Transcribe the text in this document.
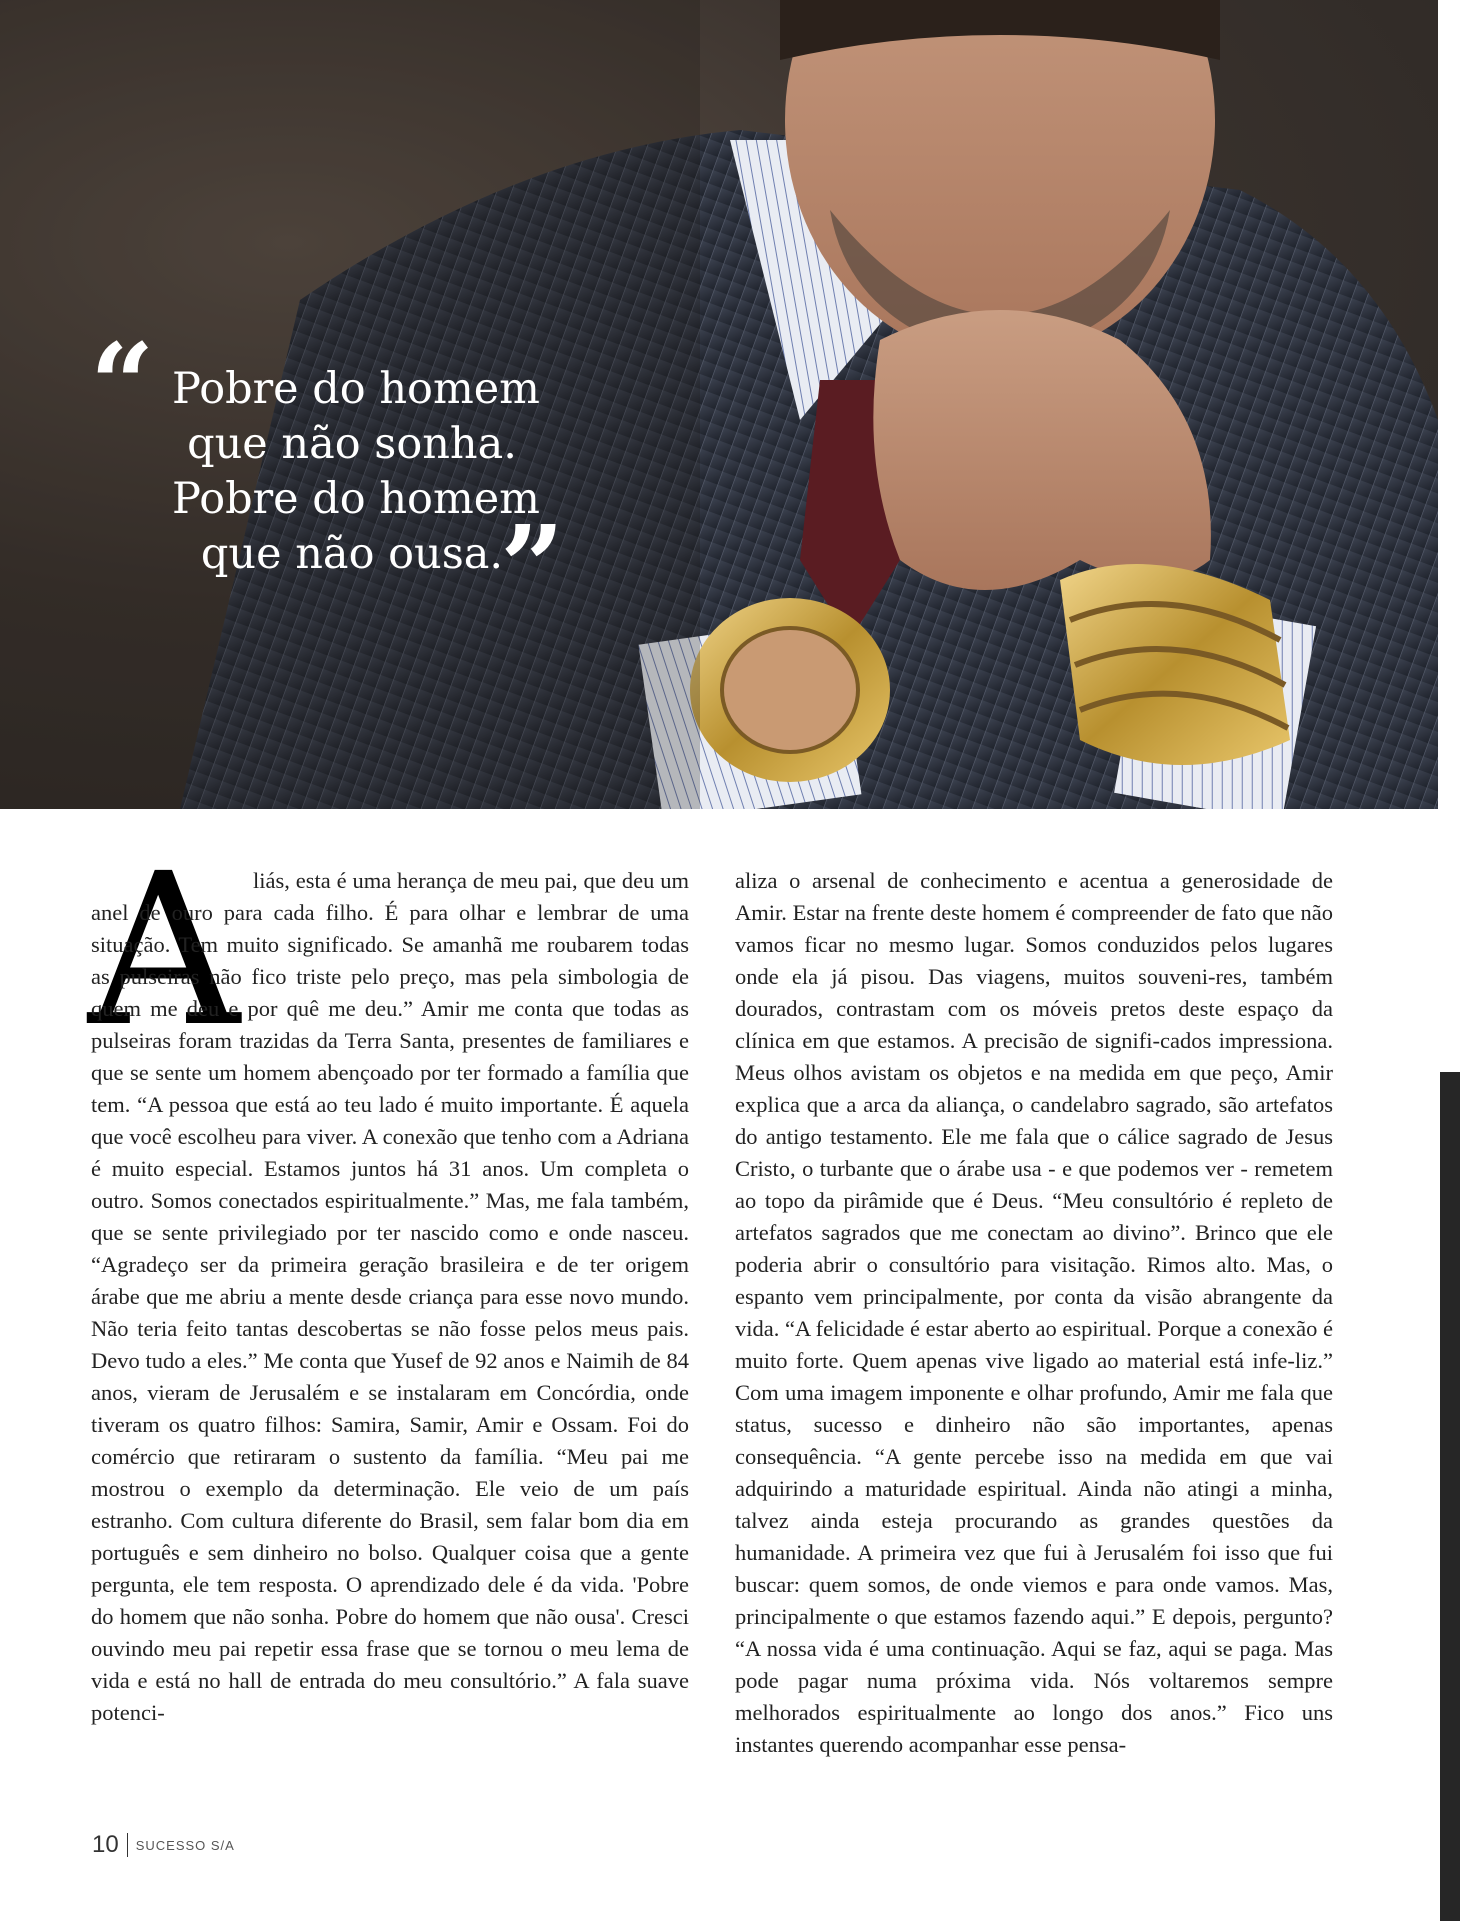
“ Pobre do homem
que não sonha.
Pobre do homem
que não ousa.
”
A liás, esta é uma herança de meu pai, que deu um anel de ouro para cada filho. É para olhar e lembrar de uma situação. Tem muito significado. Se amanhã me roubarem todas as pulseiras não fico triste pelo preço, mas pela simbologia de quem me deu e por quê me deu.” Amir me conta que todas as pulseiras foram trazidas da Terra Santa, presentes de familiares e que se sente um homem abençoado por ter formado a família que tem. “A pessoa que está ao teu lado é muito importante. É aquela que você escolheu para viver. A conexão que tenho com a Adriana é muito especial. Estamos juntos há 31 anos. Um completa o outro. Somos conectados espiritualmente.” Mas, me fala também, que se sente privilegiado por ter nascido como e onde nasceu. “Agradeço ser da primeira geração brasileira e de ter origem árabe que me abriu a mente desde criança para esse novo mundo. Não teria feito tantas descobertas se não fosse pelos meus pais. Devo tudo a eles.” Me conta que Yusef de 92 anos e Naimih de 84 anos, vieram de Jerusalém e se instalaram em Concórdia, onde tiveram os quatro filhos: Samira, Samir, Amir e Ossam. Foi do comércio que retiraram o sustento da família. “Meu pai me mostrou o exemplo da determinação. Ele veio de um país estranho. Com cultura diferente do Brasil, sem falar bom dia em português e sem dinheiro no bolso. Qualquer coisa que a gente pergunta, ele tem resposta. O aprendizado dele é da vida. 'Pobre do homem que não sonha. Pobre do homem que não ousa'. Cresci ouvindo meu pai repetir essa frase que se tornou o meu lema de vida e está no hall de entrada do meu consultório.” A fala suave potenci-

aliza o arsenal de conhecimento e acentua a generosidade de Amir. Estar na frente deste homem é compreender de fato que não vamos ficar no mesmo lugar. Somos conduzidos pelos lugares onde ela já pisou. Das viagens, muitos souveni-res, também dourados, contrastam com os móveis pretos deste espaço da clínica em que estamos. A precisão de signifi-cados impressiona. Meus olhos avistam os objetos e na medida em que peço, Amir explica que a arca da aliança, o candelabro sagrado, são artefatos do antigo testamento. Ele me fala que o cálice sagrado de Jesus Cristo, o turbante que o árabe usa - e que podemos ver - remetem ao topo da pirâmide que é Deus. “Meu consultório é repleto de artefatos sagrados que me conectam ao divino”. Brinco que ele poderia abrir o consultório para visitação. Rimos alto. Mas, o espanto vem principalmente, por conta da visão abrangente da vida. “A felicidade é estar aberto ao espiritual. Porque a conexão é muito forte. Quem apenas vive ligado ao material está infe-liz.” Com uma imagem imponente e olhar profundo, Amir me fala que status, sucesso e dinheiro não são importantes, apenas consequência. “A gente percebe isso na medida em que vai adquirindo a maturidade espiritual. Ainda não atingi a minha, talvez ainda esteja procurando as grandes questões da humanidade. A primeira vez que fui à Jerusalém foi isso que fui buscar: quem somos, de onde viemos e para onde vamos. Mas, principalmente o que estamos fazendo aqui.” E depois, pergunto? “A nossa vida é uma continuação. Aqui se faz, aqui se paga. Mas pode pagar numa próxima vida. Nós voltaremos sempre melhorados espiritualmente ao longo dos anos.” Fico uns instantes querendo acompanhar esse pensa-

10 SUCESSO S/A
